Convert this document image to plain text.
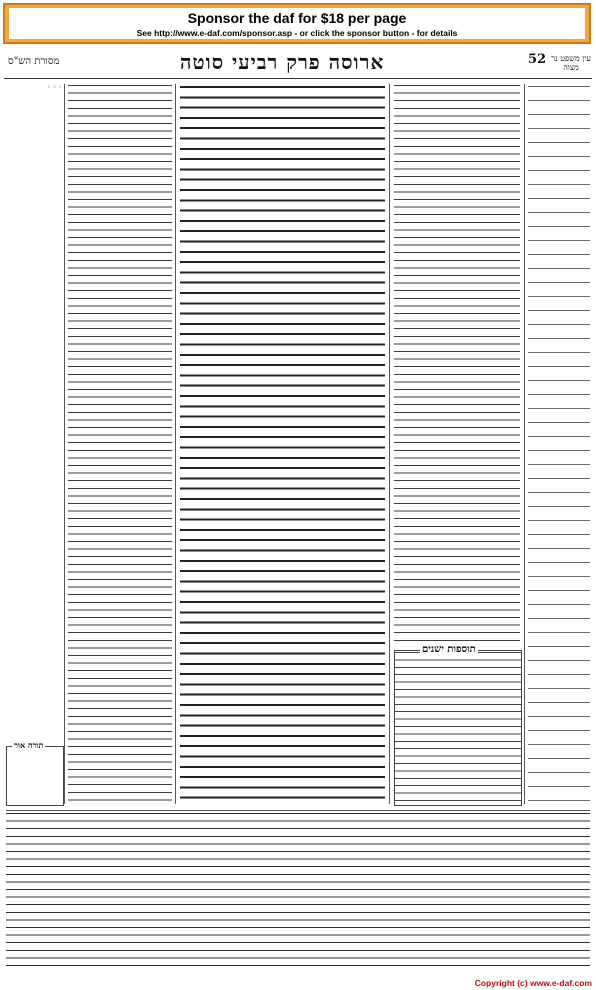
Sponsor the daf for $18 per page
See http://www.e-daf.com/sponsor.asp - or click the sponsor button - for details
מסורת הש"ס	ארוסה פרק רביעי סוטה	52 עין משפט נר מצוה

◦ ◦ ◦

תוספות ישנים
תורה אור
Copyright (c) www.e-daf.com
